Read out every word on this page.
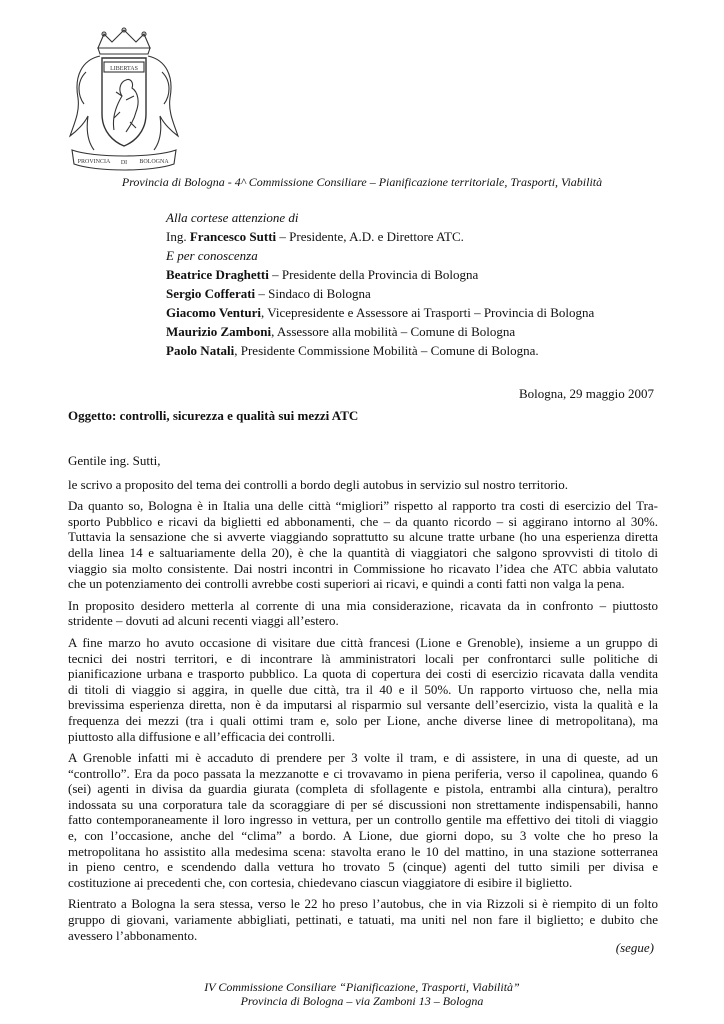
LIBERTAS
PROVINCIA DI BOLOGNA
Provincia di Bologna - 4^ Commissione Consiliare – Pianificazione territoriale, Trasporti, Viabilità
Alla cortese attenzione di
Ing. Francesco Sutti – Presidente, A.D. e Direttore ATC.
E per conoscenza
Beatrice Draghetti – Presidente della Provincia di Bologna
Sergio Cofferati – Sindaco di Bologna
Giacomo Venturi, Vicepresidente e Assessore ai Trasporti – Provincia di Bologna
Maurizio Zamboni, Assessore alla mobilità – Comune di Bologna
Paolo Natali, Presidente Commissione Mobilità – Comune di Bologna.
Bologna, 29 maggio 2007
Oggetto: controlli, sicurezza e qualità sui mezzi ATC

Gentile ing. Sutti,

le scrivo a proposito del tema dei controlli a bordo degli autobus in servizio sul nostro territorio.

Da quanto so, Bologna è in Italia una delle città “migliori” rispetto al rapporto tra costi di esercizio del Tra-
sporto Pubblico e ricavi da biglietti ed abbonamenti, che – da quanto ricordo – si aggirano intorno al 30%.
Tuttavia la sensazione che si avverte viaggiando soprattutto su alcune tratte urbane (ho una esperienza diretta
della linea 14 e saltuariamente della 20), è che la quantità di viaggiatori che salgono sprovvisti di titolo di
viaggio sia molto consistente. Dai nostri incontri in Commissione ho ricavato l’idea che ATC abbia valutato
che un potenziamento dei controlli avrebbe costi superiori ai ricavi, e quindi a conti fatti non valga la pena.

In proposito desidero metterla al corrente di una mia considerazione, ricavata da in confronto – piuttosto
stridente – dovuti ad alcuni recenti viaggi all’estero.

A fine marzo ho avuto occasione di visitare due città francesi (Lione e Grenoble), insieme a un gruppo di
tecnici dei nostri territori, e di incontrare là amministratori locali per confrontarci sulle politiche di
pianificazione urbana e trasporto pubblico. La quota di copertura dei costi di esercizio ricavata dalla vendita
di titoli di viaggio si aggira, in quelle due città, tra il 40 e il 50%. Un rapporto virtuoso che, nella mia
brevissima esperienza diretta, non è da imputarsi al risparmio sul versante dell’esercizio, vista la qualità e la
frequenza dei mezzi (tra i quali ottimi tram e, solo per Lione, anche diverse linee di metropolitana), ma
piuttosto alla diffusione e all’efficacia dei controlli.

A Grenoble infatti mi è accaduto di prendere per 3 volte il tram, e di assistere, in una di queste, ad un
“controllo”. Era da poco passata la mezzanotte e ci trovavamo in piena periferia, verso il capolinea, quando 6
(sei) agenti in divisa da guardia giurata (completa di sfollagente e pistola, entrambi alla cintura), peraltro
indossata su una corporatura tale da scoraggiare di per sé discussioni non strettamente indispensabili, hanno
fatto contemporaneamente il loro ingresso in vettura, per un controllo gentile ma effettivo dei titoli di viaggio
e, con l’occasione, anche del “clima” a bordo. A Lione, due giorni dopo, su 3 volte che ho preso la
metropolitana ho assistito alla medesima scena: stavolta erano le 10 del mattino, in una stazione sotterranea
in pieno centro, e scendendo dalla vettura ho trovato 5 (cinque) agenti del tutto simili per divisa e
costituzione ai precedenti che, con cortesia, chiedevano ciascun viaggiatore di esibire il biglietto.

Rientrato a Bologna la sera stessa, verso le 22 ho preso l’autobus, che in via Rizzoli si è riempito di un folto
gruppo di giovani, variamente abbigliati, pettinati, e tatuati, ma uniti nel non fare il biglietto; e dubito che
avessero l’abbonamento.

(segue)
IV Commissione Consiliare “Pianificazione, Trasporti, Viabilità”
Provincia di Bologna – via Zamboni 13 – Bologna
